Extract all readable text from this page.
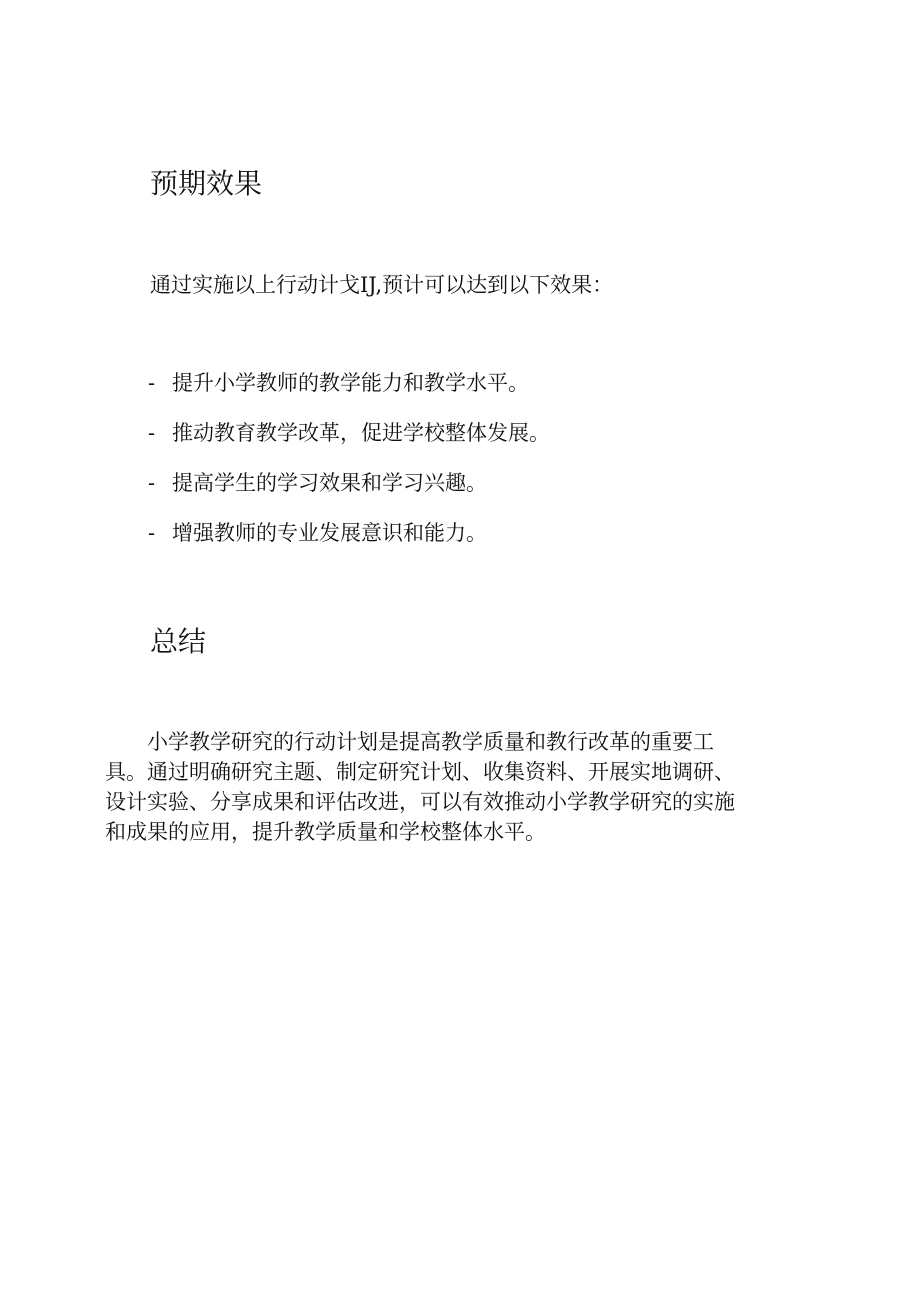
预期效果

通过实施以上行动计戈IJ,预计可以达到以下效果：

- 提升小学教师的教学能力和教学水平。
- 推动教育教学改革，促进学校整体发展。
- 提高学生的学习效果和学习兴趣。
- 增强教师的专业发展意识和能力。
总结

小学教学研究的行动计划是提高教学质量和教行改革的重要工
具。通过明确研究主题、制定研究计划、收集资料、开展实地调研、
设计实验、分享成果和评估改进，可以有效推动小学教学研究的实施
和成果的应用，提升教学质量和学校整体水平。
